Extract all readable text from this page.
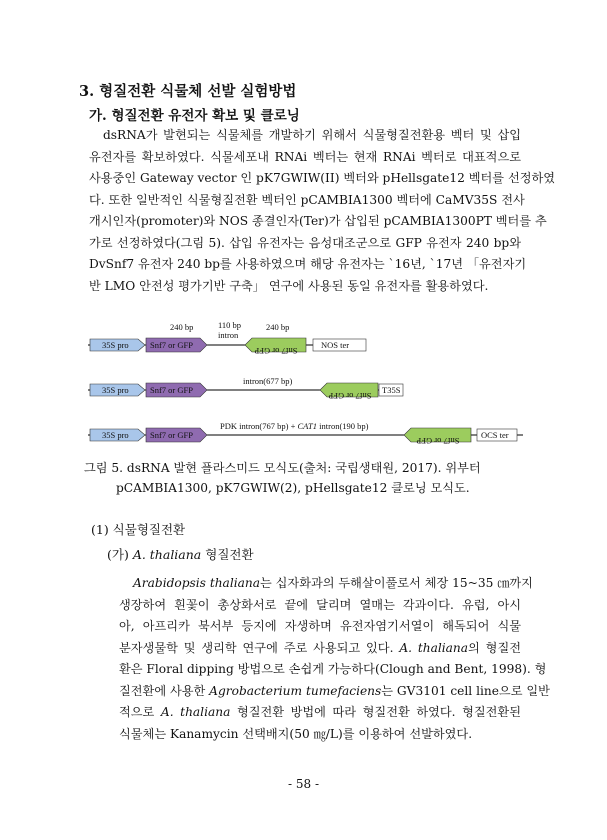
3. 형질전환 식물체 선발 실험방법
가. 형질전환 유전자 확보 및 클로닝
dsRNA가 발현되는 식물체를 개발하기 위해서 식물형질전환용 벡터 및 삽입
유전자를 확보하였다. 식물세포내 RNAi 벡터는 현재 RNAi 벡터로 대표적으로
사용중인 Gateway vector 인 pK7GWIW(II) 벡터와 pHellsgate12 벡터를 선정하였
다. 또한 일반적인 식물형질전환 벡터인 pCAMBIA1300 벡터에 CaMV35S 전사
개시인자(promoter)와 NOS 종결인자(Ter)가 삽입된 pCAMBIA1300PT 벡터를 추
가로 선정하였다(그림 5). 삽입 유전자는 음성대조군으로 GFP 유전자 240 bp와
DvSnf7 유전자 240 bp를 사용하였으며 해당 유전자는 `16년, `17년 「유전자기
반 LMO 안전성 평가기반 구축」 연구에 사용된 동일 유전자를 활용하였다.
35S pro	Snf7 or GFP
Snf7 or GFP
NOS ter
240 bp	110 bp
intron
240 bp
35S pro	Snf7 or GFP
intron(677 bp)
Snf7 or GFP
T35S
35S pro	Snf7 or GFP
PDK intron(767 bp) + CAT1 intron(190 bp)
Snf7 or GFP
OCS ter
그림 5. dsRNA 발현 플라스미드 모식도(출처: 국립생태원, 2017). 위부터
pCAMBIA1300, pK7GWIW(2), pHellsgate12 클로닝 모식도.
(1) 식물형질전환
(가) A. thaliana 형질전환
Arabidopsis thaliana는 십자화과의 두해살이풀로서 체장 15~35 ㎝까지
생장하여 흰꽃이 총상화서로 끝에 달리며 열매는 각과이다. 유럽, 아시
아, 아프리카 북서부 등지에 자생하며 유전자염기서열이 해독되어 식물
분자생물학 및 생리학 연구에 주로 사용되고 있다. A. thaliana의 형질전
환은 Floral dipping 방법으로 손쉽게 가능하다(Clough and Bent, 1998). 형
질전환에 사용한 Agrobacterium tumefaciens는 GV3101 cell line으로 일반
적으로 A. thaliana 형질전환 방법에 따라 형질전환 하였다. 형질전환된
식물체는 Kanamycin 선택배지(50 ㎎/L)를 이용하여 선발하였다.
- 58 -
